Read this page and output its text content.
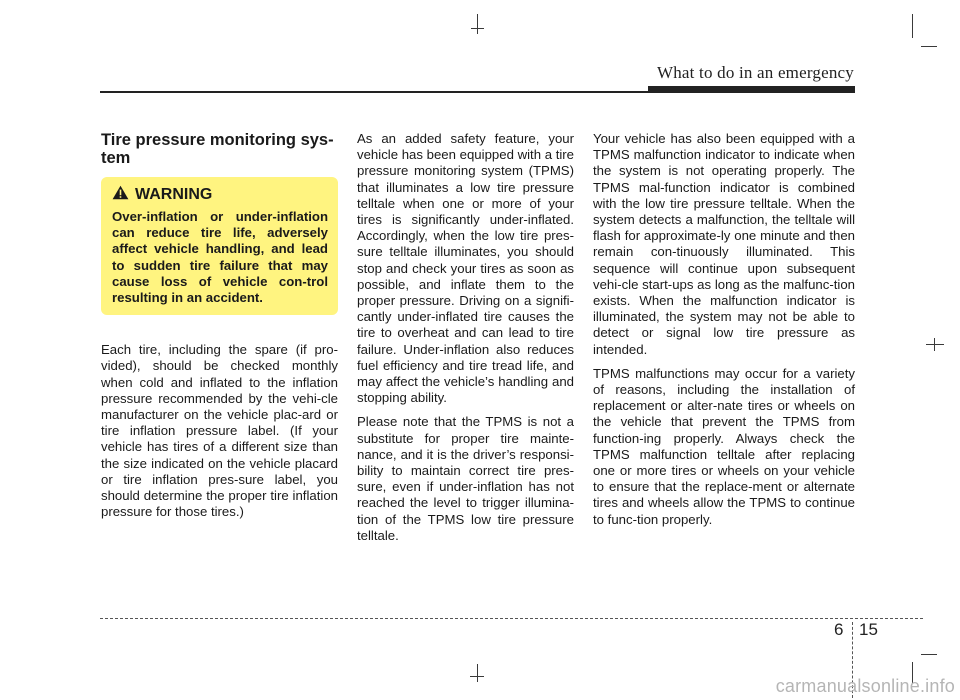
What to do in an emergency
Tire pressure monitoring sys-
tem
WARNING
Over-inflation or under-inflation can reduce tire life, adversely affect vehicle handling, and lead to sudden tire failure that may cause loss of vehicle con-trol resulting in an accident.

Each tire, including the spare (if pro-vided), should be checked monthly when cold and inflated to the inflation pressure recommended by the vehi-cle manufacturer on the vehicle plac-ard or tire inflation pressure label. (If your vehicle has tires of a different size than the size indicated on the vehicle placard or tire inflation pres-sure label, you should determine the proper tire inflation pressure for those tires.)

As an added safety feature, your vehicle has been equipped with a tire pressure monitoring system (TPMS) that illuminates a low tire pressure telltale when one or more of your tires is significantly under-inflated. Accordingly, when the low tire pres-sure telltale illuminates, you should stop and check your tires as soon as possible, and inflate them to the proper pressure. Driving on a signifi-cantly under-inflated tire causes the tire to overheat and can lead to tire failure. Under-inflation also reduces fuel efficiency and tire tread life, and may affect the vehicle’s handling and stopping ability.

Please note that the TPMS is not a substitute for proper tire mainte-nance, and it is the driver’s responsi-bility to maintain correct tire pres-sure, even if under-inflation has not reached the level to trigger illumina-tion of the TPMS low tire pressure telltale.

Your vehicle has also been equipped with a TPMS malfunction indicator to indicate when the system is not operating properly. The TPMS mal-function indicator is combined with the low tire pressure telltale. When the system detects a malfunction, the telltale will flash for approximate-ly one minute and then remain con-tinuously illuminated. This sequence will continue upon subsequent vehi-cle start-ups as long as the malfunc-tion exists. When the malfunction indicator is illuminated, the system may not be able to detect or signal low tire pressure as intended.

TPMS malfunctions may occur for a variety of reasons, including the installation of replacement or alter-nate tires or wheels on the vehicle that prevent the TPMS from function-ing properly. Always check the TPMS malfunction telltale after replacing one or more tires or wheels on your vehicle to ensure that the replace-ment or alternate tires and wheels allow the TPMS to continue to func-tion properly.

6 15
carmanualsonline.info
